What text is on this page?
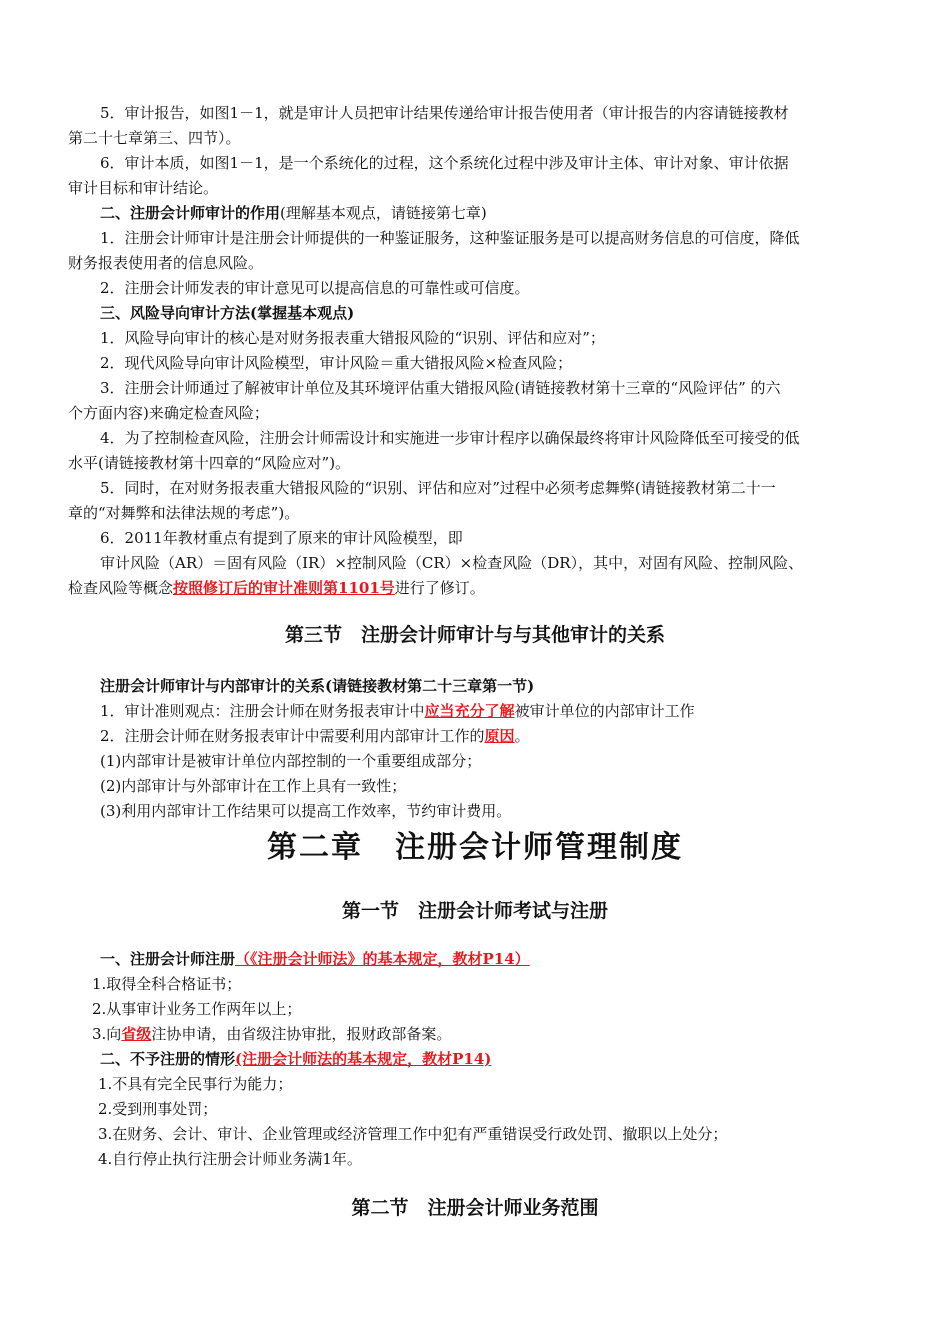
5．审计报告，如图1－1，就是审计人员把审计结果传递给审计报告使用者（审计报告的内容请链接教材
第二十七章第三、四节）。
6．审计本质，如图1－1，是一个系统化的过程，这个系统化过程中涉及审计主体、审计对象、审计依据
审计目标和审计结论。
二、注册会计师审计的作用(理解基本观点，请链接第七章)
1．注册会计师审计是注册会计师提供的一种鉴证服务，这种鉴证服务是可以提高财务信息的可信度，降低
财务报表使用者的信息风险。
2．注册会计师发表的审计意见可以提高信息的可靠性或可信度。
三、风险导向审计方法(掌握基本观点)
1．风险导向审计的核心是对财务报表重大错报风险的“识别、评估和应对”；
2．现代风险导向审计风险模型，审计风险＝重大错报风险×检查风险；
3．注册会计师通过了解被审计单位及其环境评估重大错报风险(请链接教材第十三章的“风险评估” 的六
个方面内容)来确定检查风险；
4．为了控制检查风险，注册会计师需设计和实施进一步审计程序以确保最终将审计风险降低至可接受的低
水平(请链接教材第十四章的“风险应对”)。
5．同时，在对财务报表重大错报风险的“识别、评估和应对”过程中必须考虑舞弊(请链接教材第二十一
章的“对舞弊和法律法规的考虑”)。
6．2011年教材重点有提到了原来的审计风险模型，即
审计风险（AR）＝固有风险（IR）×控制风险（CR）×检查风险（DR），其中，对固有风险、控制风险、
检查风险等概念按照修订后的审计准则第1101号进行了修订。
第三节　注册会计师审计与与其他审计的关系
注册会计师审计与内部审计的关系(请链接教材第二十三章第一节)
1．审计准则观点：注册会计师在财务报表审计中应当充分了解被审计单位的内部审计工作
2．注册会计师在财务报表审计中需要利用内部审计工作的原因。
(1)内部审计是被审计单位内部控制的一个重要组成部分；
(2)内部审计与外部审计在工作上具有一致性；
(3)利用内部审计工作结果可以提高工作效率，节约审计费用。
第二章　注册会计师管理制度
第一节　注册会计师考试与注册
一、注册会计师注册（《注册会计师法》的基本规定，教材P14）
1.取得全科合格证书；
2.从事审计业务工作两年以上；
3.向省级注协申请，由省级注协审批，报财政部备案。
二、不予注册的情形(注册会计师法的基本规定，教材P14)
1.不具有完全民事行为能力；
2.受到刑事处罚；
3.在财务、会计、审计、企业管理或经济管理工作中犯有严重错误受行政处罚、撤职以上处分；
4.自行停止执行注册会计师业务满1年。
第二节　注册会计师业务范围
